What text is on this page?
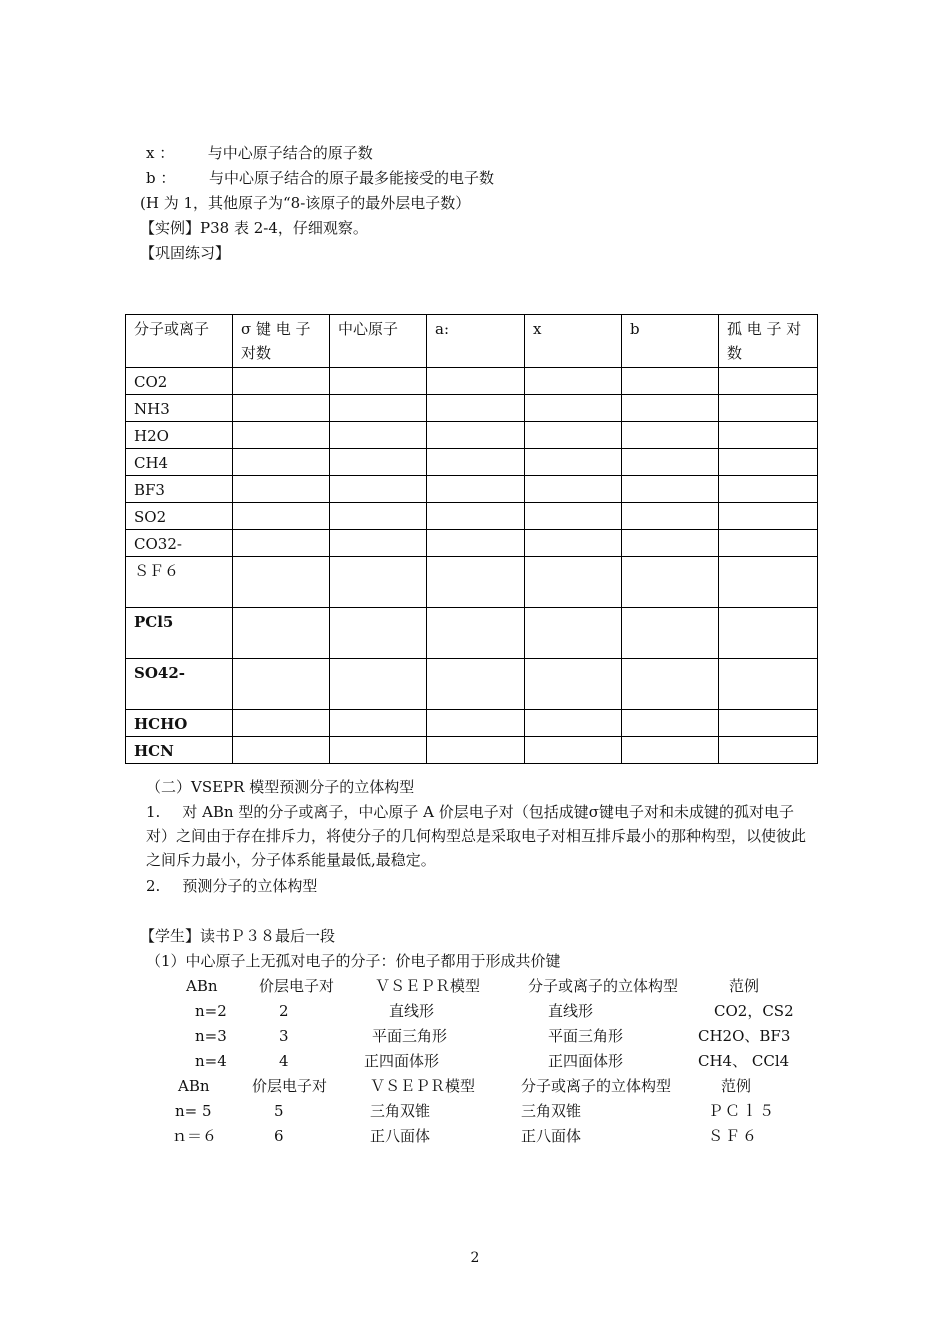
x ： 与中心原子结合的原子数
b ： 与中心原子结合的原子最多能接受的电子数
(H 为 1，其他原子为“8-该原子的最外层电子数）
【实例】P38 表 2-4，仔细观察。
【巩固练习】
分子或离子	σ 键 电 子对数	中心原子	a:	x	b	孤 电 子 对 数
CO2						
NH3						
H2O						
CH4						
BF3						
SO2						
CO32-						
ＳＦ６						
PCl5						
SO42-						
HCHO						
HCN						
（二）VSEPR 模型预测分子的立体构型
1. 对 ABn 型的分子或离子，中心原子 A 价层电子对（包括成键σ键电子对和未成键的孤对电子对）之间由于存在排斥力，将使分子的几何构型总是采取电子对相互排斥最小的那种构型，以使彼此之间斥力最小，分子体系能量最低,最稳定。
2. 预测分子的立体构型
【学生】读书Ｐ３８最后一段
（1）中心原子上无孤对电子的分子：价电子都用于形成共价键
ABn	价层电子对	ＶＳＥＰＲ模型	分子或离子的立体构型	范例
n=2	2	直线形	直线形	CO2，CS2
n=3	3	平面三角形	平面三角形	CH2O、BF3
n=4	4	正四面体形	正四面体形	CH4、 CCl4
ABn	价层电子对	ＶＳＥＰＲ模型	分子或离子的立体构型	范例
n= 5	5	三角双锥	三角双锥	ＰＣｌ５
ｎ＝６	6	正八面体	正八面体	ＳＦ６
2
